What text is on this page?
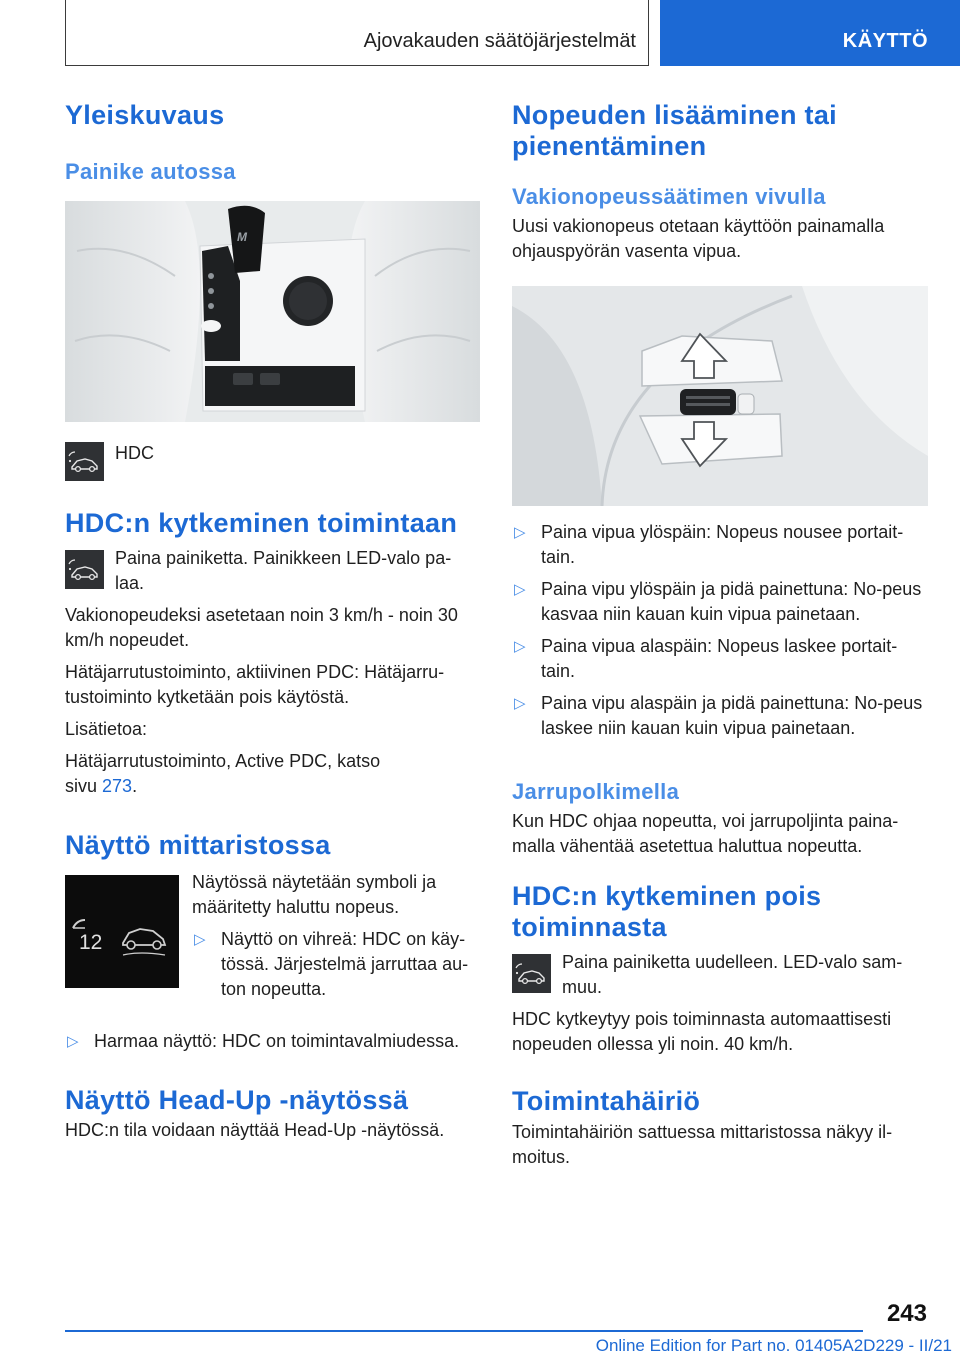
Ajovakauden säätöjärjestelmät	KÄYTTÖ
Yleiskuvaus
Painike autossa
M

HDC

HDC:n kytkeminen toimintaan

Paina painiketta. Painikkeen LED-valo pa-laa.

Vakionopeudeksi asetetaan noin 3 km/h - noin 30 km/h nopeudet.

Hätäjarrutustoiminto, aktiivinen PDC: Hätäjarru-tustoiminto kytketään pois käytöstä.

Lisätietoa:

Hätäjarrutustoiminto, Active PDC, katso
sivu 273.

Näyttö mittaristossa
12

Näytössä näytetään symboli ja määritetty haluttu nopeus.

▷ Näyttö on vihreä: HDC on käy-tössä. Järjestelmä jarruttaa au-ton nopeutta.

▷ Harmaa näyttö: HDC on toimintavalmiudessa.

Näyttö Head-Up -näytössä

HDC:n tila voidaan näyttää Head-Up -näytössä.

Nopeuden lisääminen tai pienentäminen
Vakionopeussäätimen vivulla

Uusi vakionopeus otetaan käyttöön painamalla ohjauspyörän vasenta vipua.

▷ Paina vipua ylöspäin: Nopeus nousee portait-tain.

▷ Paina vipu ylöspäin ja pidä painettuna: No-peus kasvaa niin kauan kuin vipua painetaan.

▷ Paina vipua alaspäin: Nopeus laskee portait-tain.

▷ Paina vipu alaspäin ja pidä painettuna: No-peus laskee niin kauan kuin vipua painetaan.

Jarrupolkimella

Kun HDC ohjaa nopeutta, voi jarrupoljinta paina-malla vähentää asetettua haluttua nopeutta.

HDC:n kytkeminen pois toiminnasta

Paina painiketta uudelleen. LED-valo sam-muu.

HDC kytkeytyy pois toiminnasta automaattisesti nopeuden ollessa yli noin. 40 km/h.

Toimintahäiriö

Toimintahäiriön sattuessa mittaristossa näkyy il-moitus.

243
Online Edition for Part no. 01405A2D229 - II/21
